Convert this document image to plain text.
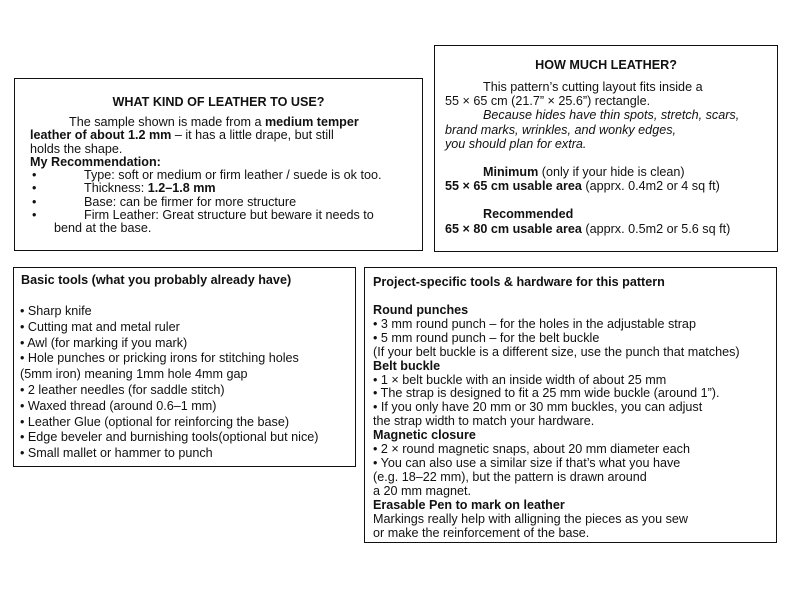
WHAT KIND OF LEATHER TO USE?
The sample shown is made from a medium temper
leather of about 1.2 mm – it has a little drape, but still
holds the shape.
My Recommendation:
•	Type: soft or medium or firm leather / suede is ok too.
•	Thickness: 1.2–1.8 mm
•	Base: can be firmer for more structure
•	Firm Leather: Great structure but beware it needs to
bend at the base.
HOW MUCH LEATHER?
This pattern’s cutting layout fits inside a
55 × 65 cm (21.7” × 25.6”) rectangle.
Because hides have thin spots, stretch, scars,
brand marks, wrinkles, and wonky edges,
you should plan for extra.
Minimum (only if your hide is clean)
55 × 65 cm usable area (apprx. 0.4m2 or 4 sq ft)
Recommended
65 × 80 cm usable area (apprx. 0.5m2 or 5.6 sq ft)
Basic tools (what you probably already have)
• Sharp knife
• Cutting mat and metal ruler
• Awl (for marking if you mark)
• Hole punches or pricking irons for stitching holes
(5mm iron) meaning 1mm hole 4mm gap
• 2 leather needles (for saddle stitch)
• Waxed thread (around 0.6–1 mm)
• Leather Glue (optional for reinforcing the base)
• Edge beveler and burnishing tools(optional but nice)
• Small mallet or hammer to punch
Project-specific tools & hardware for this pattern
Round punches
• 3 mm round punch – for the holes in the adjustable strap
• 5 mm round punch – for the belt buckle
(If your belt buckle is a different size, use the punch that matches)
Belt buckle
• 1 × belt buckle with an inside width of about 25 mm
• The strap is designed to fit a 25 mm wide buckle (around 1”).
• If you only have 20 mm or 30 mm buckles, you can adjust
the strap width to match your hardware.
Magnetic closure
• 2 × round magnetic snaps, about 20 mm diameter each
• You can also use a similar size if that’s what you have
(e.g. 18–22 mm), but the pattern is drawn around
a 20 mm magnet.
Erasable Pen to mark on leather
Markings really help with alligning the pieces as you sew
or make the reinforcement of the base.
